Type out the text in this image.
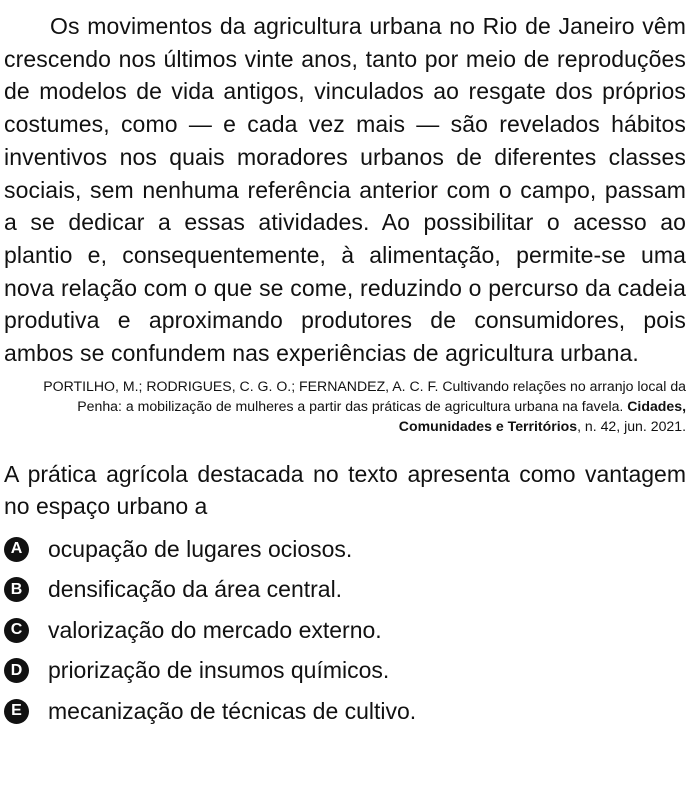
Os movimentos da agricultura urbana no Rio de Janeiro vêm crescendo nos últimos vinte anos, tanto por meio de reproduções de modelos de vida antigos, vinculados ao resgate dos próprios costumes, como — e cada vez mais — são revelados hábitos inventivos nos quais moradores urbanos de diferentes classes sociais, sem nenhuma referência anterior com o campo, passam a se dedicar a essas atividades. Ao possibilitar o acesso ao plantio e, consequentemente, à alimentação, permite-se uma nova relação com o que se come, reduzindo o percurso da cadeia produtiva e aproximando produtores de consumidores, pois ambos se confundem nas experiências de agricultura urbana.

PORTILHO, M.; RODRIGUES, C. G. O.; FERNANDEZ, A. C. F. Cultivando relações no arranjo local da Penha: a mobilização de mulheres a partir das práticas de agricultura urbana na favela. Cidades, Comunidades e Territórios, n. 42, jun. 2021.

A prática agrícola destacada no texto apresenta como vantagem no espaço urbano a

A ocupação de lugares ociosos.
B densificação da área central.
C valorização do mercado externo.
D priorização de insumos químicos.
E	mecanização de técnicas de cultivo.
